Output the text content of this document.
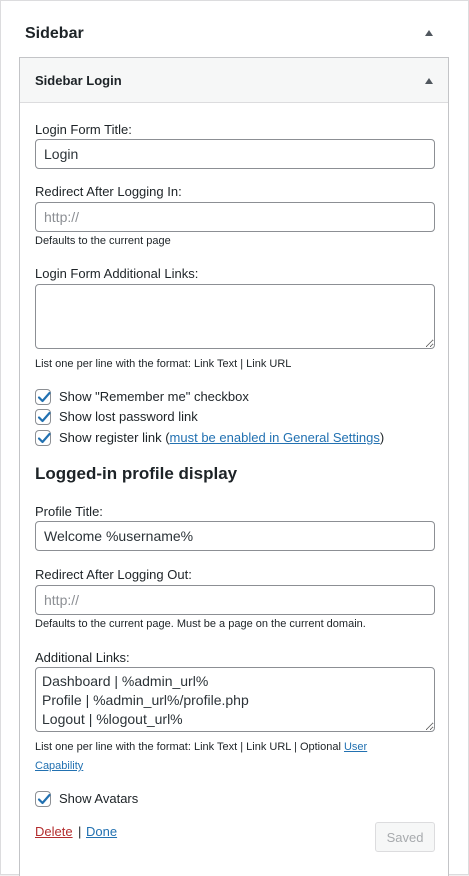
Sidebar
Sidebar Login
Login Form Title:
Login
Redirect After Logging In:
http://
Defaults to the current page
Login Form Additional Links:
List one per line with the format: Link Text | Link URL
Show "Remember me" checkbox
Show lost password link
Show register link (must be enabled in General Settings)
Logged-in profile display
Profile Title:
Welcome %username%
Redirect After Logging Out:
http://
Defaults to the current page. Must be a page on the current domain.
Additional Links:
Dashboard | %admin_url% Profile | %admin_url%/profile.php Logout | %logout_url%
List one per line with the format: Link Text | Link URL | Optional User
Capability
Show Avatars
Delete | Done	Saved
